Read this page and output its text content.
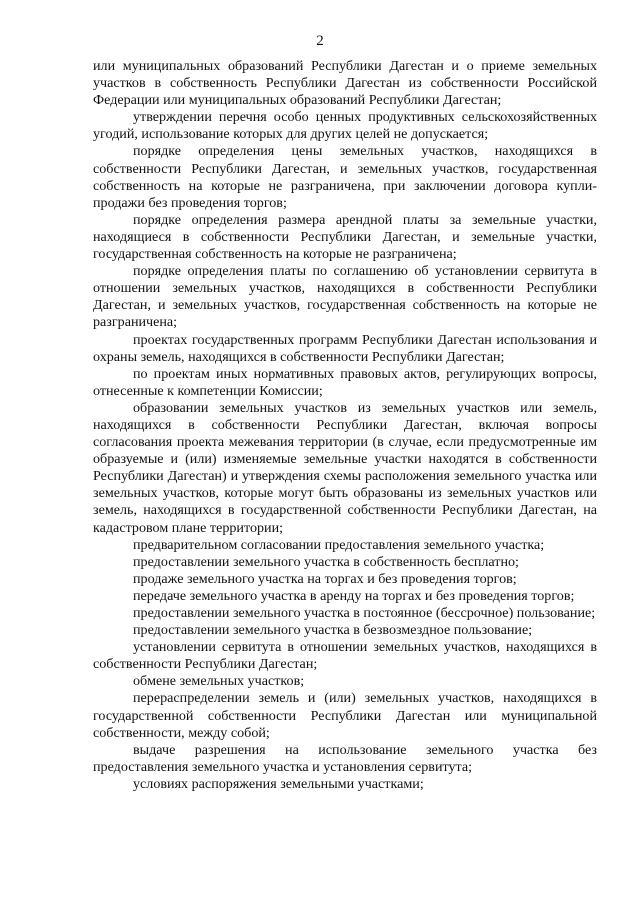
2

или муниципальных образований Республики Дагестан и о приеме земельных участков в собственность Республики Дагестан из собственности Российской Федерации или муниципальных образований Республики Дагестан;

утверждении перечня особо ценных продуктивных сельскохозяйственных угодий, использование которых для других целей не допускается;

порядке определения цены земельных участков, находящихся в собственности Республики Дагестан, и земельных участков, государственная собственность на которые не разграничена, при заключении договора купли-продажи без проведения торгов;

порядке определения размера арендной платы за земельные участки, находящиеся в собственности Республики Дагестан, и земельные участки, государственная собственность на которые не разграничена;

порядке определения платы по соглашению об установлении сервитута в отношении земельных участков, находящихся в собственности Республики Дагестан, и земельных участков, государственная собственность на которые не разграничена;

проектах государственных программ Республики Дагестан использования и охраны земель, находящихся в собственности Республики Дагестан;

по проектам иных нормативных правовых актов, регулирующих вопросы, отнесенные к компетенции Комиссии;

образовании земельных участков из земельных участков или земель, находящихся в собственности Республики Дагестан, включая вопросы согласования проекта межевания территории (в случае, если предусмотренные им образуемые и (или) изменяемые земельные участки находятся в собственности Республики Дагестан) и утверждения схемы расположения земельного участка или земельных участков, которые могут быть образованы из земельных участков или земель, находящихся в государственной собственности Республики Дагестан, на кадастровом плане территории;

предварительном согласовании предоставления земельного участка;

предоставлении земельного участка в собственность бесплатно;

продаже земельного участка на торгах и без проведения торгов;

передаче земельного участка в аренду на торгах и без проведения торгов;

предоставлении земельного участка в постоянное (бессрочное) пользование;

предоставлении земельного участка в безвозмездное пользование;

установлении сервитута в отношении земельных участков, находящихся в собственности Республики Дагестан;

обмене земельных участков;

перераспределении земель и (или) земельных участков, находящихся в государственной собственности Республики Дагестан или муниципальной собственности, между собой;

выдаче разрешения на использование земельного участка без предоставления земельного участка и установления сервитута;

условиях распоряжения земельными участками;
